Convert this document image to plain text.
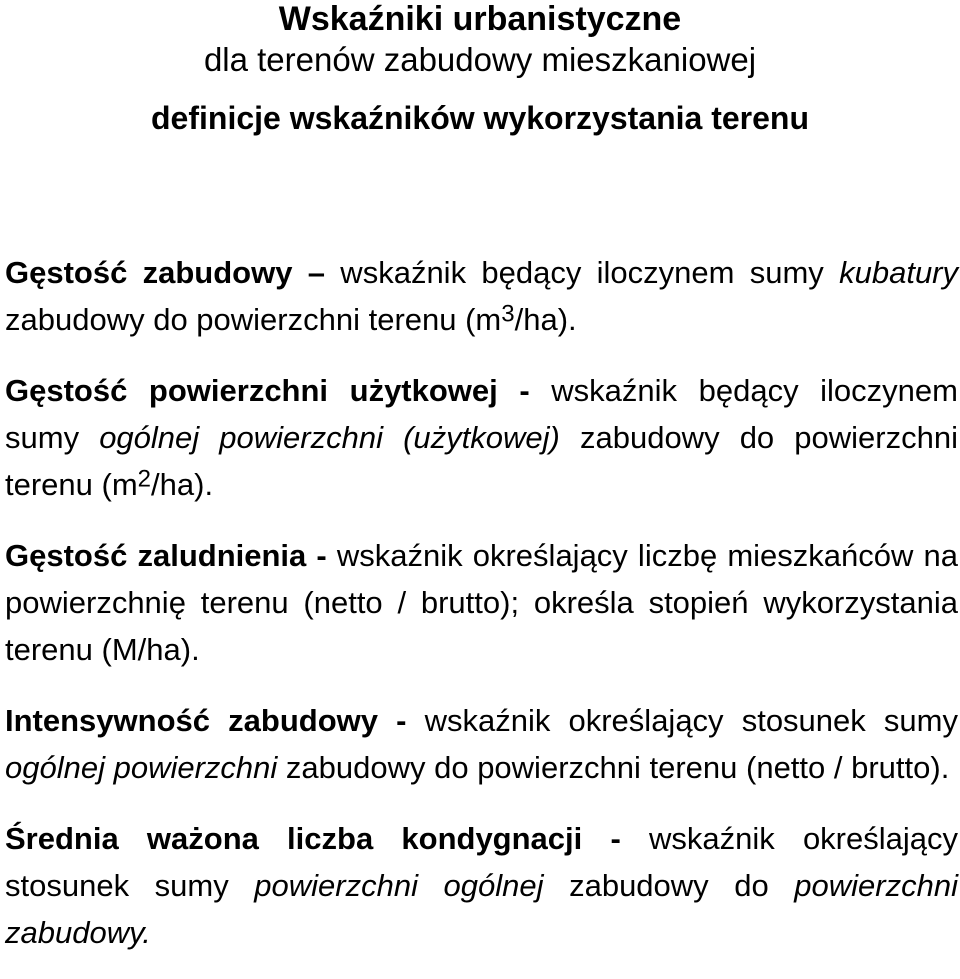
Wskaźniki urbanistyczne
dla terenów zabudowy mieszkaniowej
definicje wskaźników wykorzystania terenu

Gęstość zabudowy – wskaźnik będący iloczynem sumy kubatury zabudowy do powierzchni terenu $(m^3/ha)$.

Gęstość powierzchni użytkowej - wskaźnik będący iloczynem sumy ogólnej powierzchni (użytkowej) zabudowy do powierzchni terenu $(m^2/ha)$.

Gęstość zaludnienia - wskaźnik określający liczbę mieszkańców na powierzchnię terenu (netto / brutto); określa stopień wykorzystania terenu (M/ha).

Intensywność zabudowy - wskaźnik określający stosunek sumy ogólnej powierzchni zabudowy do powierzchni terenu (netto / brutto).

Średnia ważona liczba kondygnacji - wskaźnik określający stosunek sumy powierzchni ogólnej zabudowy do powierzchni zabudowy.
